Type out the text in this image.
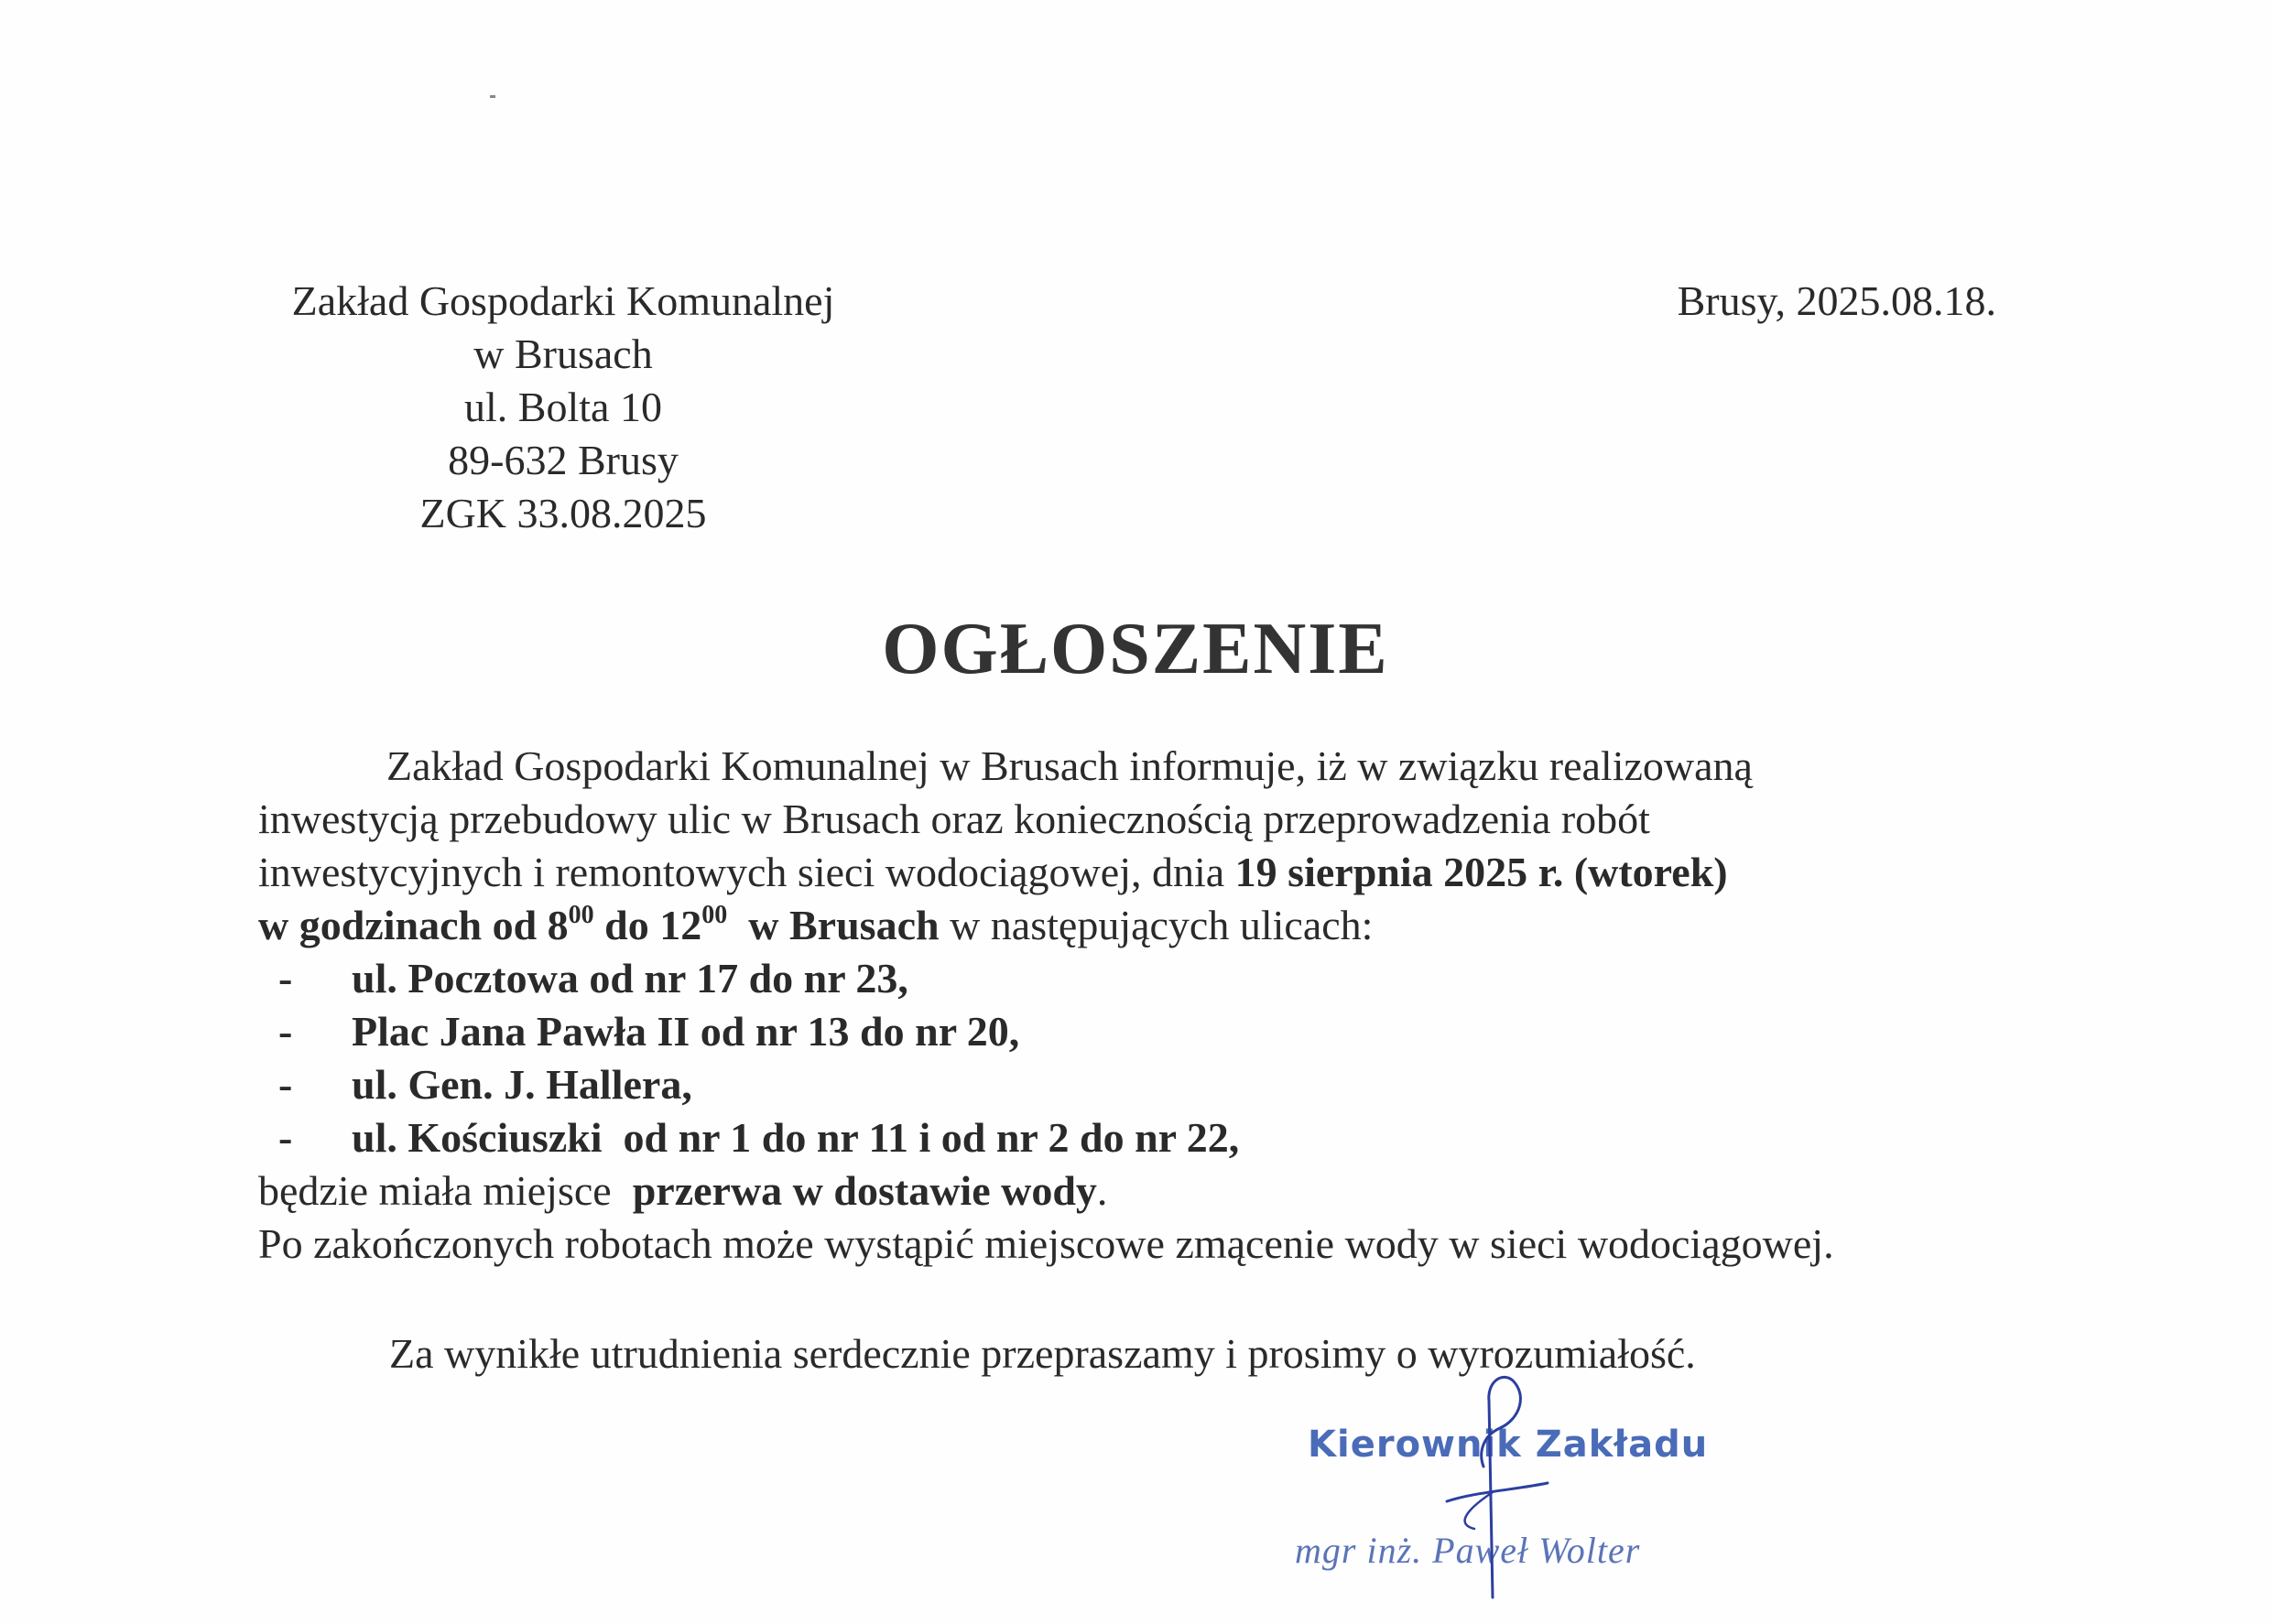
Zakład Gospodarki Komunalnej
w Brusach
ul. Bolta 10
89-632 Brusy
ZGK 33.08.2025
Brusy, 2025.08.18.
OGŁOSZENIE

Zakład Gospodarki Komunalnej w Brusach informuje, iż w związku realizowaną

inwestycją przebudowy ulic w Brusach oraz koniecznością przeprowadzenia robót

inwestycyjnych i remontowych sieci wodociągowej, dnia 19 sierpnia 2025 r. (wtorek)

w godzinach od $8^{00}$ do $12^{00}$  w Brusach w następujących ulicach:

- ul. Pocztowa od nr 17 do nr 23,
- Plac Jana Pawła II od nr 13 do nr 20,
- ul. Gen. J. Hallera,
- ul. Kościuszki  od nr 1 do nr 11 i od nr 2 do nr 22,

będzie miała miejsce  przerwa w dostawie wody.

Po zakończonych robotach może wystąpić miejscowe zmącenie wody w sieci wodociągowej.

Za wynikłe utrudnienia serdecznie przepraszamy i prosimy o wyrozumiałość.
Kierownik Zakładu
mgr inż. Paweł Wolter
